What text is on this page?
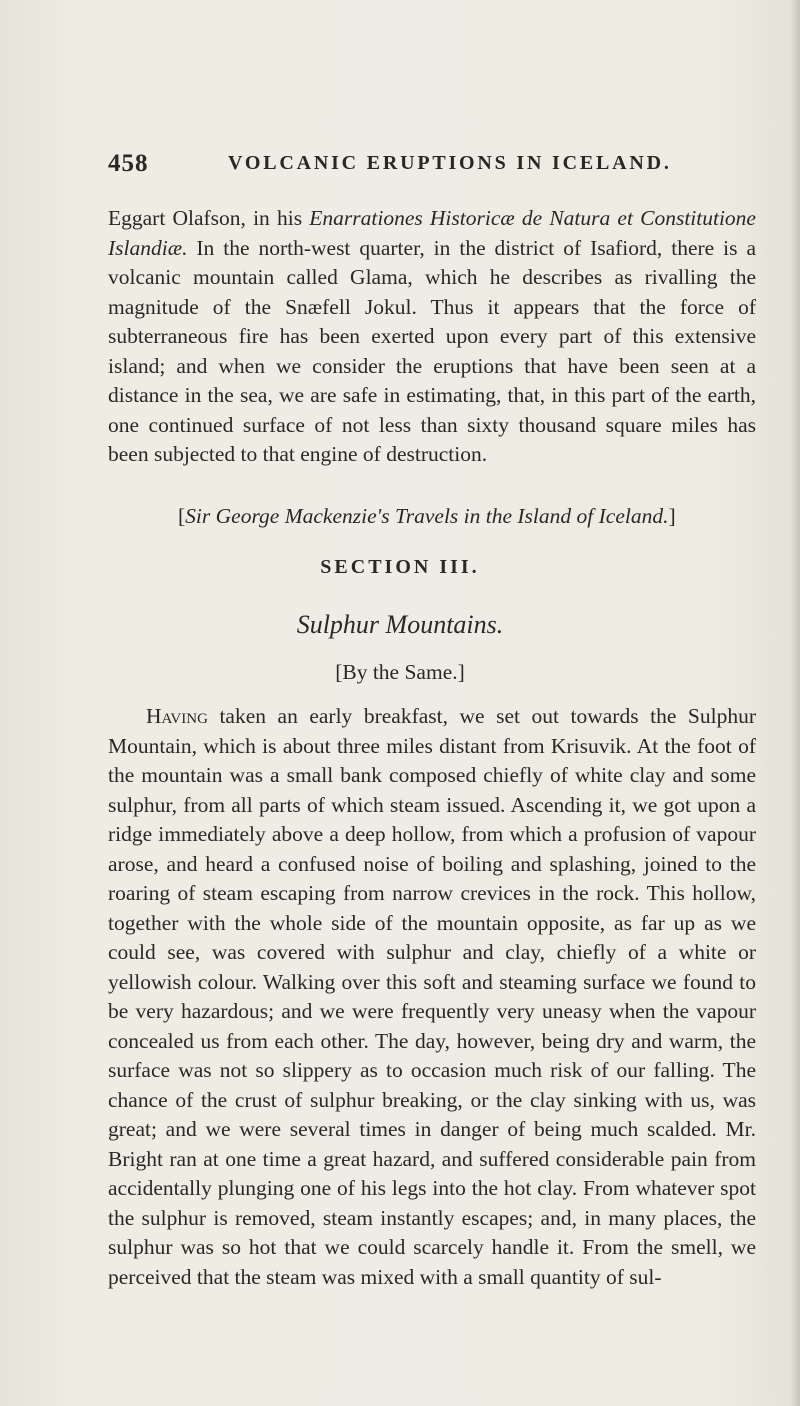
458	VOLCANIC ERUPTIONS IN ICELAND.
Eggart Olafson, in his Enarrationes Historicæ de Natura et Constitutione Islandiæ. In the north-west quarter, in the district of Isafiord, there is a volcanic mountain called Glama, which he describes as rivalling the magnitude of the Snæfell Jokul. Thus it appears that the force of subterraneous fire has been exerted upon every part of this extensive island; and when we consider the eruptions that have been seen at a distance in the sea, we are safe in estimating, that, in this part of the earth, one continued surface of not less than sixty thousand square miles has been subjected to that engine of destruction.
[Sir George Mackenzie's Travels in the Island of Iceland.]
SECTION III.
Sulphur Mountains.
[By the Same.]

Having taken an early breakfast, we set out towards the Sulphur Mountain, which is about three miles distant from Krisuvik. At the foot of the mountain was a small bank composed chiefly of white clay and some sulphur, from all parts of which steam issued. Ascending it, we got upon a ridge immediately above a deep hollow, from which a profusion of vapour arose, and heard a confused noise of boiling and splashing, joined to the roaring of steam escaping from narrow crevices in the rock. This hollow, together with the whole side of the mountain opposite, as far up as we could see, was covered with sulphur and clay, chiefly of a white or yellowish colour. Walking over this soft and steaming surface we found to be very hazardous; and we were frequently very uneasy when the vapour concealed us from each other. The day, however, being dry and warm, the surface was not so slippery as to occasion much risk of our falling. The chance of the crust of sulphur breaking, or the clay sinking with us, was great; and we were several times in danger of being much scalded. Mr. Bright ran at one time a great hazard, and suffered considerable pain from accidentally plunging one of his legs into the hot clay. From whatever spot the sulphur is removed, steam instantly escapes; and, in many places, the sulphur was so hot that we could scarcely handle it. From the smell, we perceived that the steam was mixed with a small quantity of sul-
